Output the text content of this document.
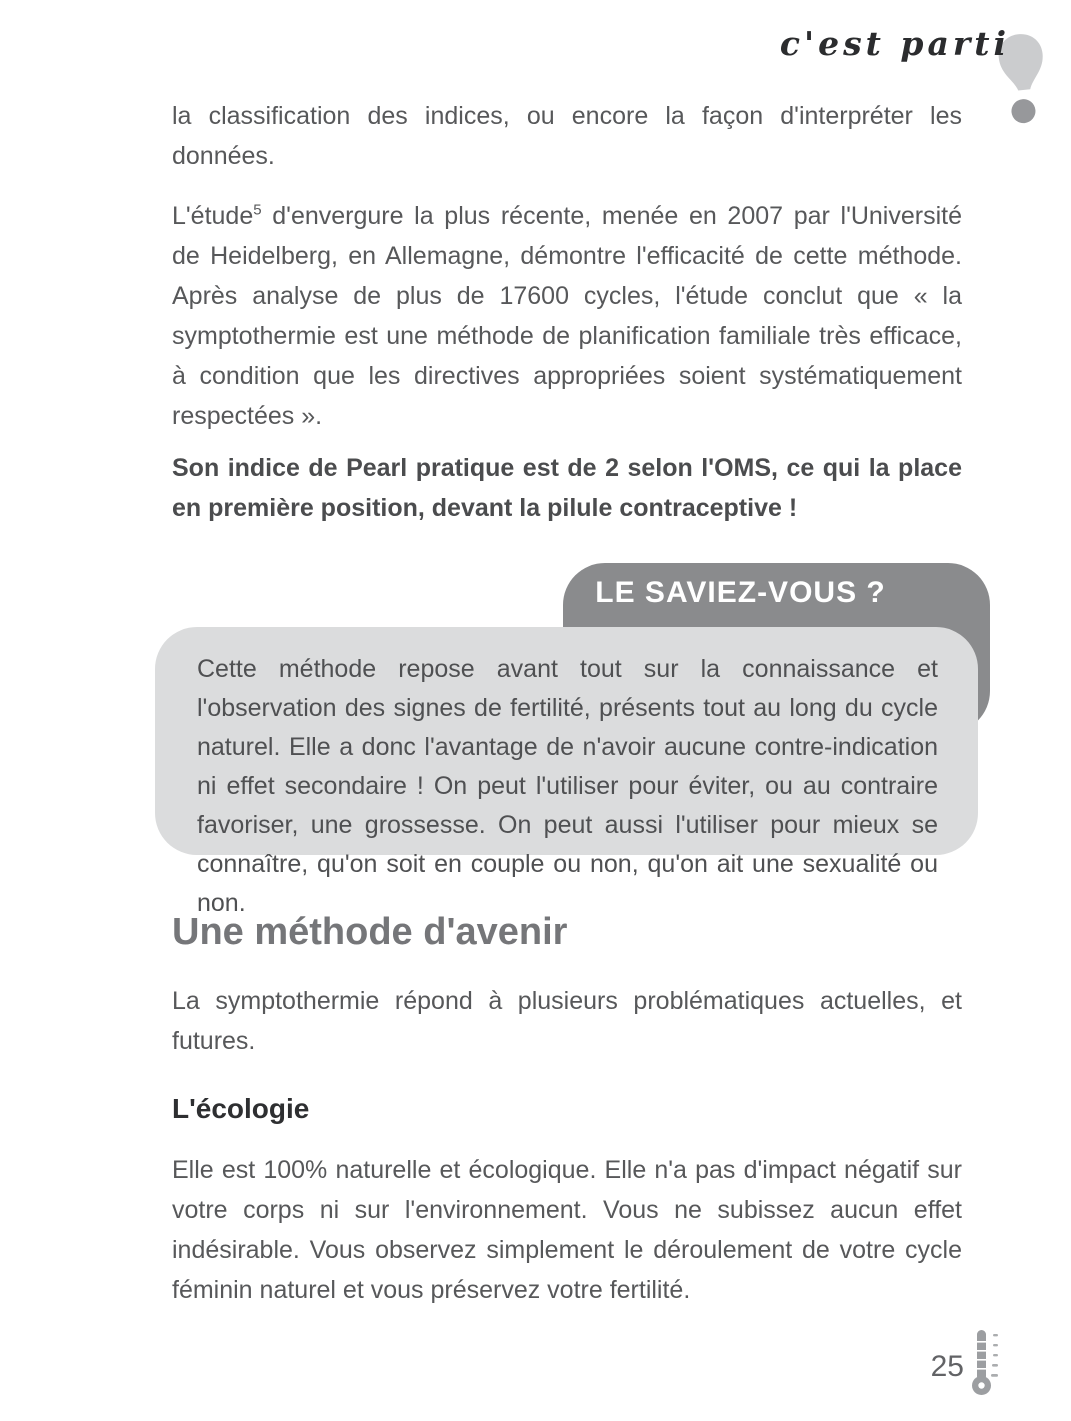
c'est parti

la classification des indices, ou encore la façon d'interpréter les données.

L'étude$^5$ d'envergure la plus récente, menée en 2007 par l'Université de Heidelberg, en Allemagne, démontre l'efficacité de cette méthode. Après analyse de plus de 17600 cycles, l'étude conclut que « la symptothermie est une méthode de planification familiale très efficace, à condition que les directives appropriées soient systématiquement respectées ».

Son indice de Pearl pratique est de 2 selon l'OMS, ce qui la place en première position, devant la pilule contraceptive !

LE SAVIEZ-VOUS ?

Cette méthode repose avant tout sur la connaissance et l'observation des signes de fertilité, présents tout au long du cycle naturel. Elle a donc l'avantage de n'avoir aucune contre-indication ni effet secondaire ! On peut l'utiliser pour éviter, ou au contraire favoriser, une grossesse. On peut aussi l'utiliser pour mieux se connaître, qu'on soit en couple ou non, qu'on ait une sexualité ou non.

Une méthode d'avenir

La symptothermie répond à plusieurs problématiques actuelles, et futures.

L'écologie

Elle est 100% naturelle et écologique. Elle n'a pas d'impact négatif sur votre corps ni sur l'environnement. Vous ne subissez aucun effet indésirable. Vous observez simplement le déroulement de votre cycle féminin naturel et vous préservez votre fertilité.

25
